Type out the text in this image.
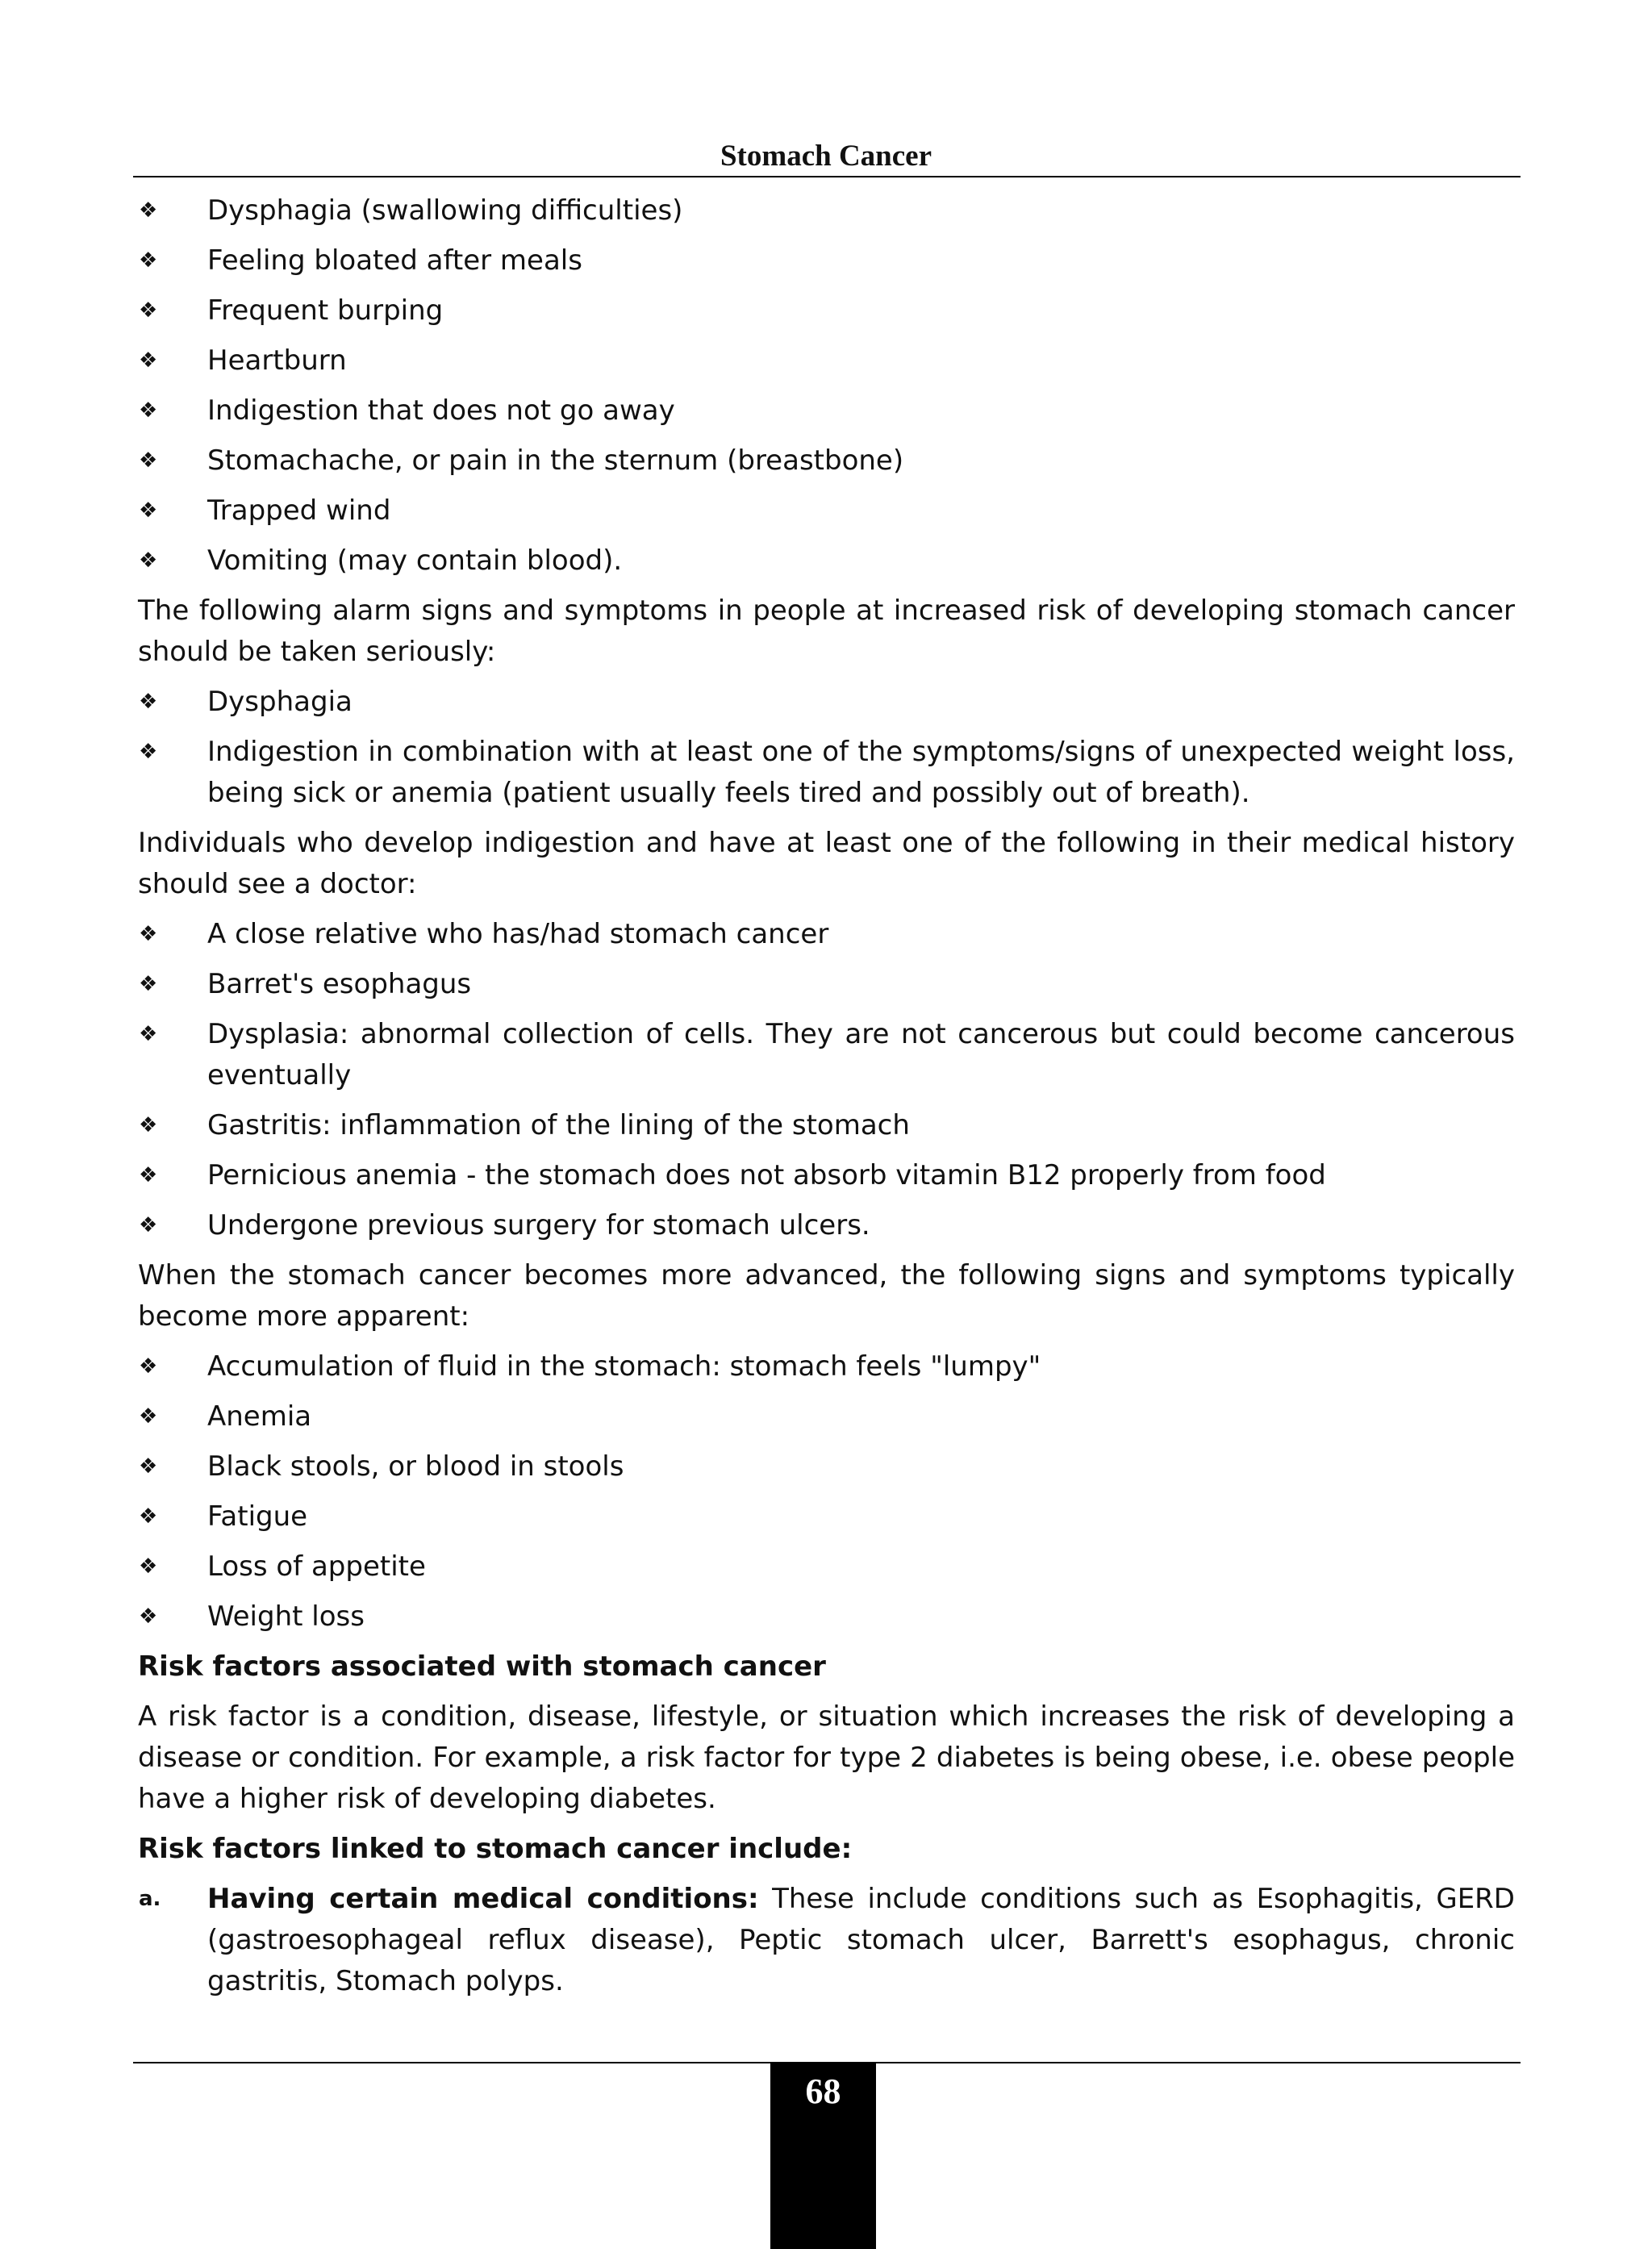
Stomach Cancer
❖	Dysphagia (swallowing difficulties)
❖	Feeling bloated after meals
❖	Frequent burping
❖	Heartburn
❖	Indigestion that does not go away
❖	Stomachache, or pain in the sternum (breastbone)
❖	Trapped wind
❖	Vomiting (may contain blood).

The following alarm signs and symptoms in people at increased risk of developing stomach cancer should be taken seriously:

❖	Dysphagia
❖	Indigestion in combination with at least one of the symptoms/signs of unexpected weight loss, being sick or anemia (patient usually feels tired and possibly out of breath).

Individuals who develop indigestion and have at least one of the following in their medical history should see a doctor:

❖	A close relative who has/had stomach cancer
❖	Barret's esophagus
❖	Dysplasia: abnormal collection of cells. They are not cancerous but could become cancerous eventually
❖	Gastritis: inflammation of the lining of the stomach
❖	Pernicious anemia - the stomach does not absorb vitamin B12 properly from food
❖	Undergone previous surgery for stomach ulcers.

When the stomach cancer becomes more advanced, the following signs and symptoms typically become more apparent:

❖	Accumulation of fluid in the stomach: stomach feels "lumpy"
❖	Anemia
❖	Black stools, or blood in stools
❖	Fatigue
❖	Loss of appetite
❖	Weight loss
Risk factors associated with stomach cancer

A risk factor is a condition, disease, lifestyle, or situation which increases the risk of developing a disease or condition. For example, a risk factor for type 2 diabetes is being obese, i.e. obese people have a higher risk of developing diabetes.

Risk factors linked to stomach cancer include:
a.	Having certain medical conditions: These include conditions such as Esophagitis, GERD (gastroesophageal reflux disease), Peptic stomach ulcer, Barrett's esophagus, chronic gastritis, Stomach polyps.
68
